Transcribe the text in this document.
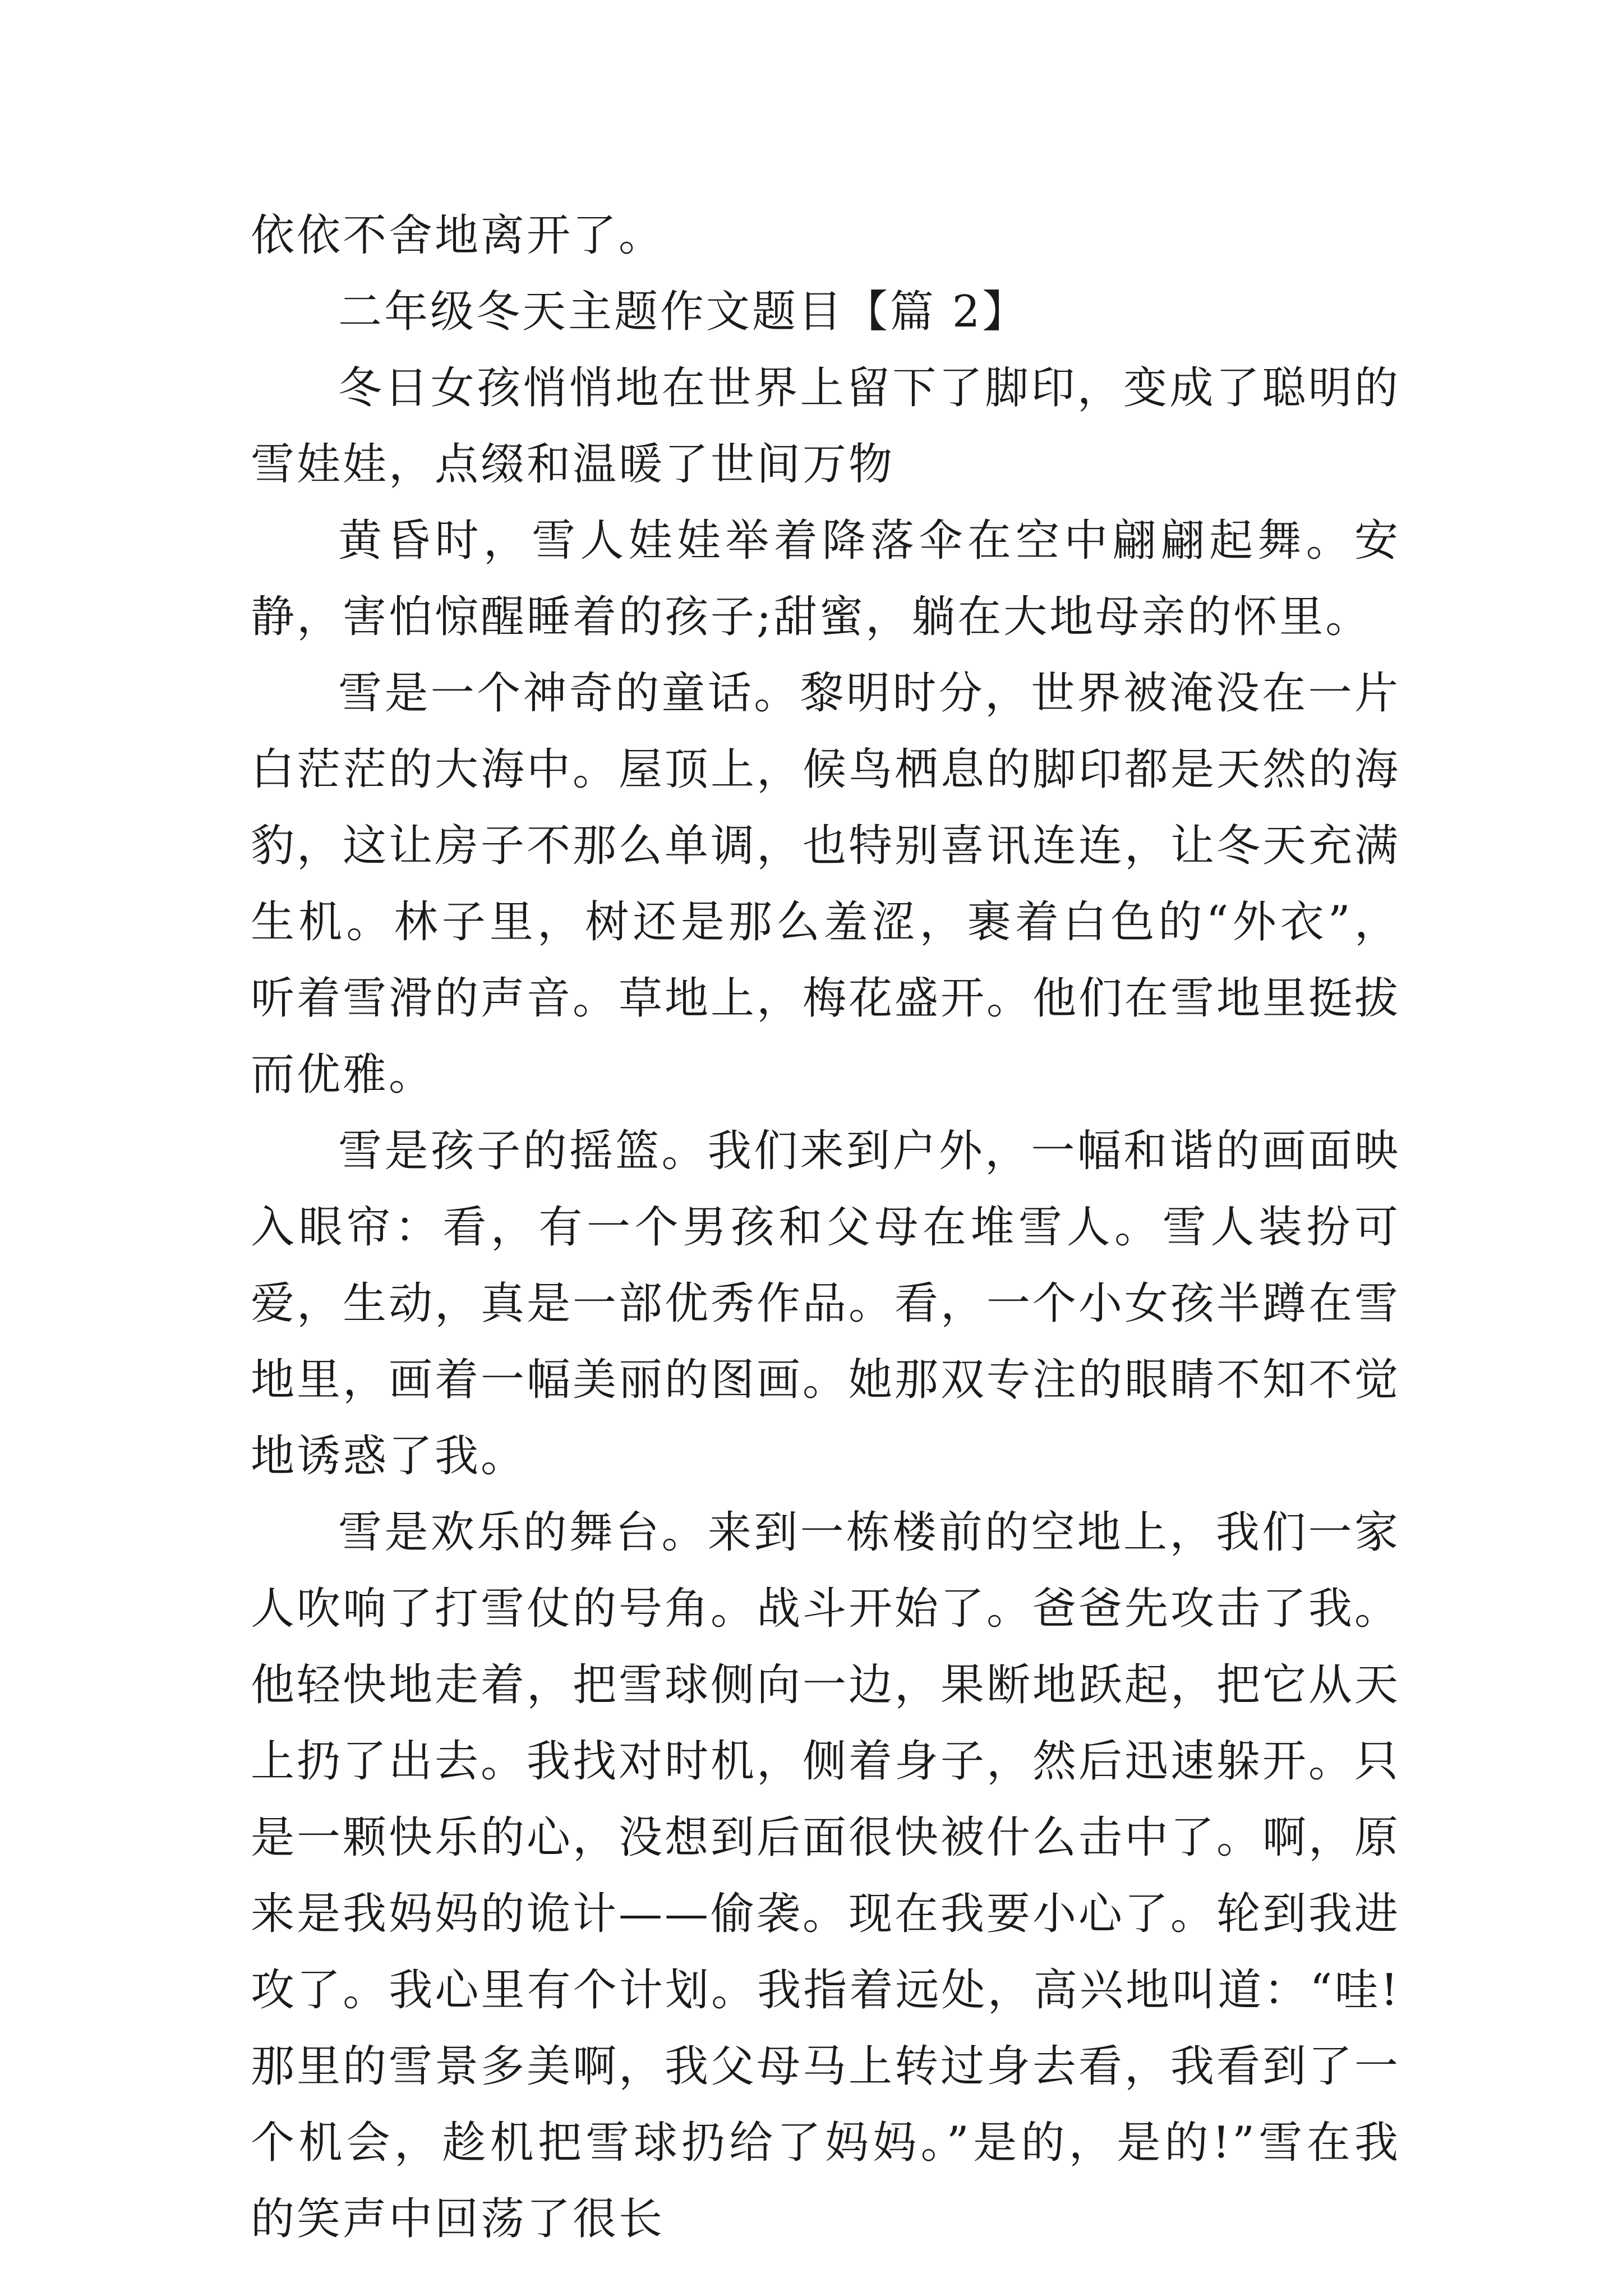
依依不舍地离开了。

二年级冬天主题作文题目【篇 2】

冬日女孩悄悄地在世界上留下了脚印，变成了聪明的雪娃娃，点缀和温暖了世间万物

黄昏时，雪人娃娃举着降落伞在空中翩翩起舞。安静，害怕惊醒睡着的孩子;甜蜜，躺在大地母亲的怀里。

雪是一个神奇的童话。黎明时分，世界被淹没在一片白茫茫的大海中。屋顶上，候鸟栖息的脚印都是天然的海豹，这让房子不那么单调，也特别喜讯连连，让冬天充满生机。林子里，树还是那么羞涩，裹着白色的“外衣”，听着雪滑的声音。草地上，梅花盛开。他们在雪地里挺拔而优雅。

雪是孩子的摇篮。我们来到户外，一幅和谐的画面映入眼帘：看，有一个男孩和父母在堆雪人。雪人装扮可爱，生动，真是一部优秀作品。看，一个小女孩半蹲在雪地里，画着一幅美丽的图画。她那双专注的眼睛不知不觉地诱惑了我。

雪是欢乐的舞台。来到一栋楼前的空地上，我们一家人吹响了打雪仗的号角。战斗开始了。爸爸先攻击了我。他轻快地走着，把雪球侧向一边，果断地跃起，把它从天上扔了出去。我找对时机，侧着身子，然后迅速躲开。只是一颗快乐的心，没想到后面很快被什么击中了。啊，原来是我妈妈的诡计——偷袭。现在我要小心了。轮到我进攻了。我心里有个计划。我指着远处，高兴地叫道：“哇!那里的雪景多美啊，我父母马上转过身去看，我看到了一个机会，趁机把雪球扔给了妈妈。”是的，是的!”雪在我的笑声中回荡了很长
